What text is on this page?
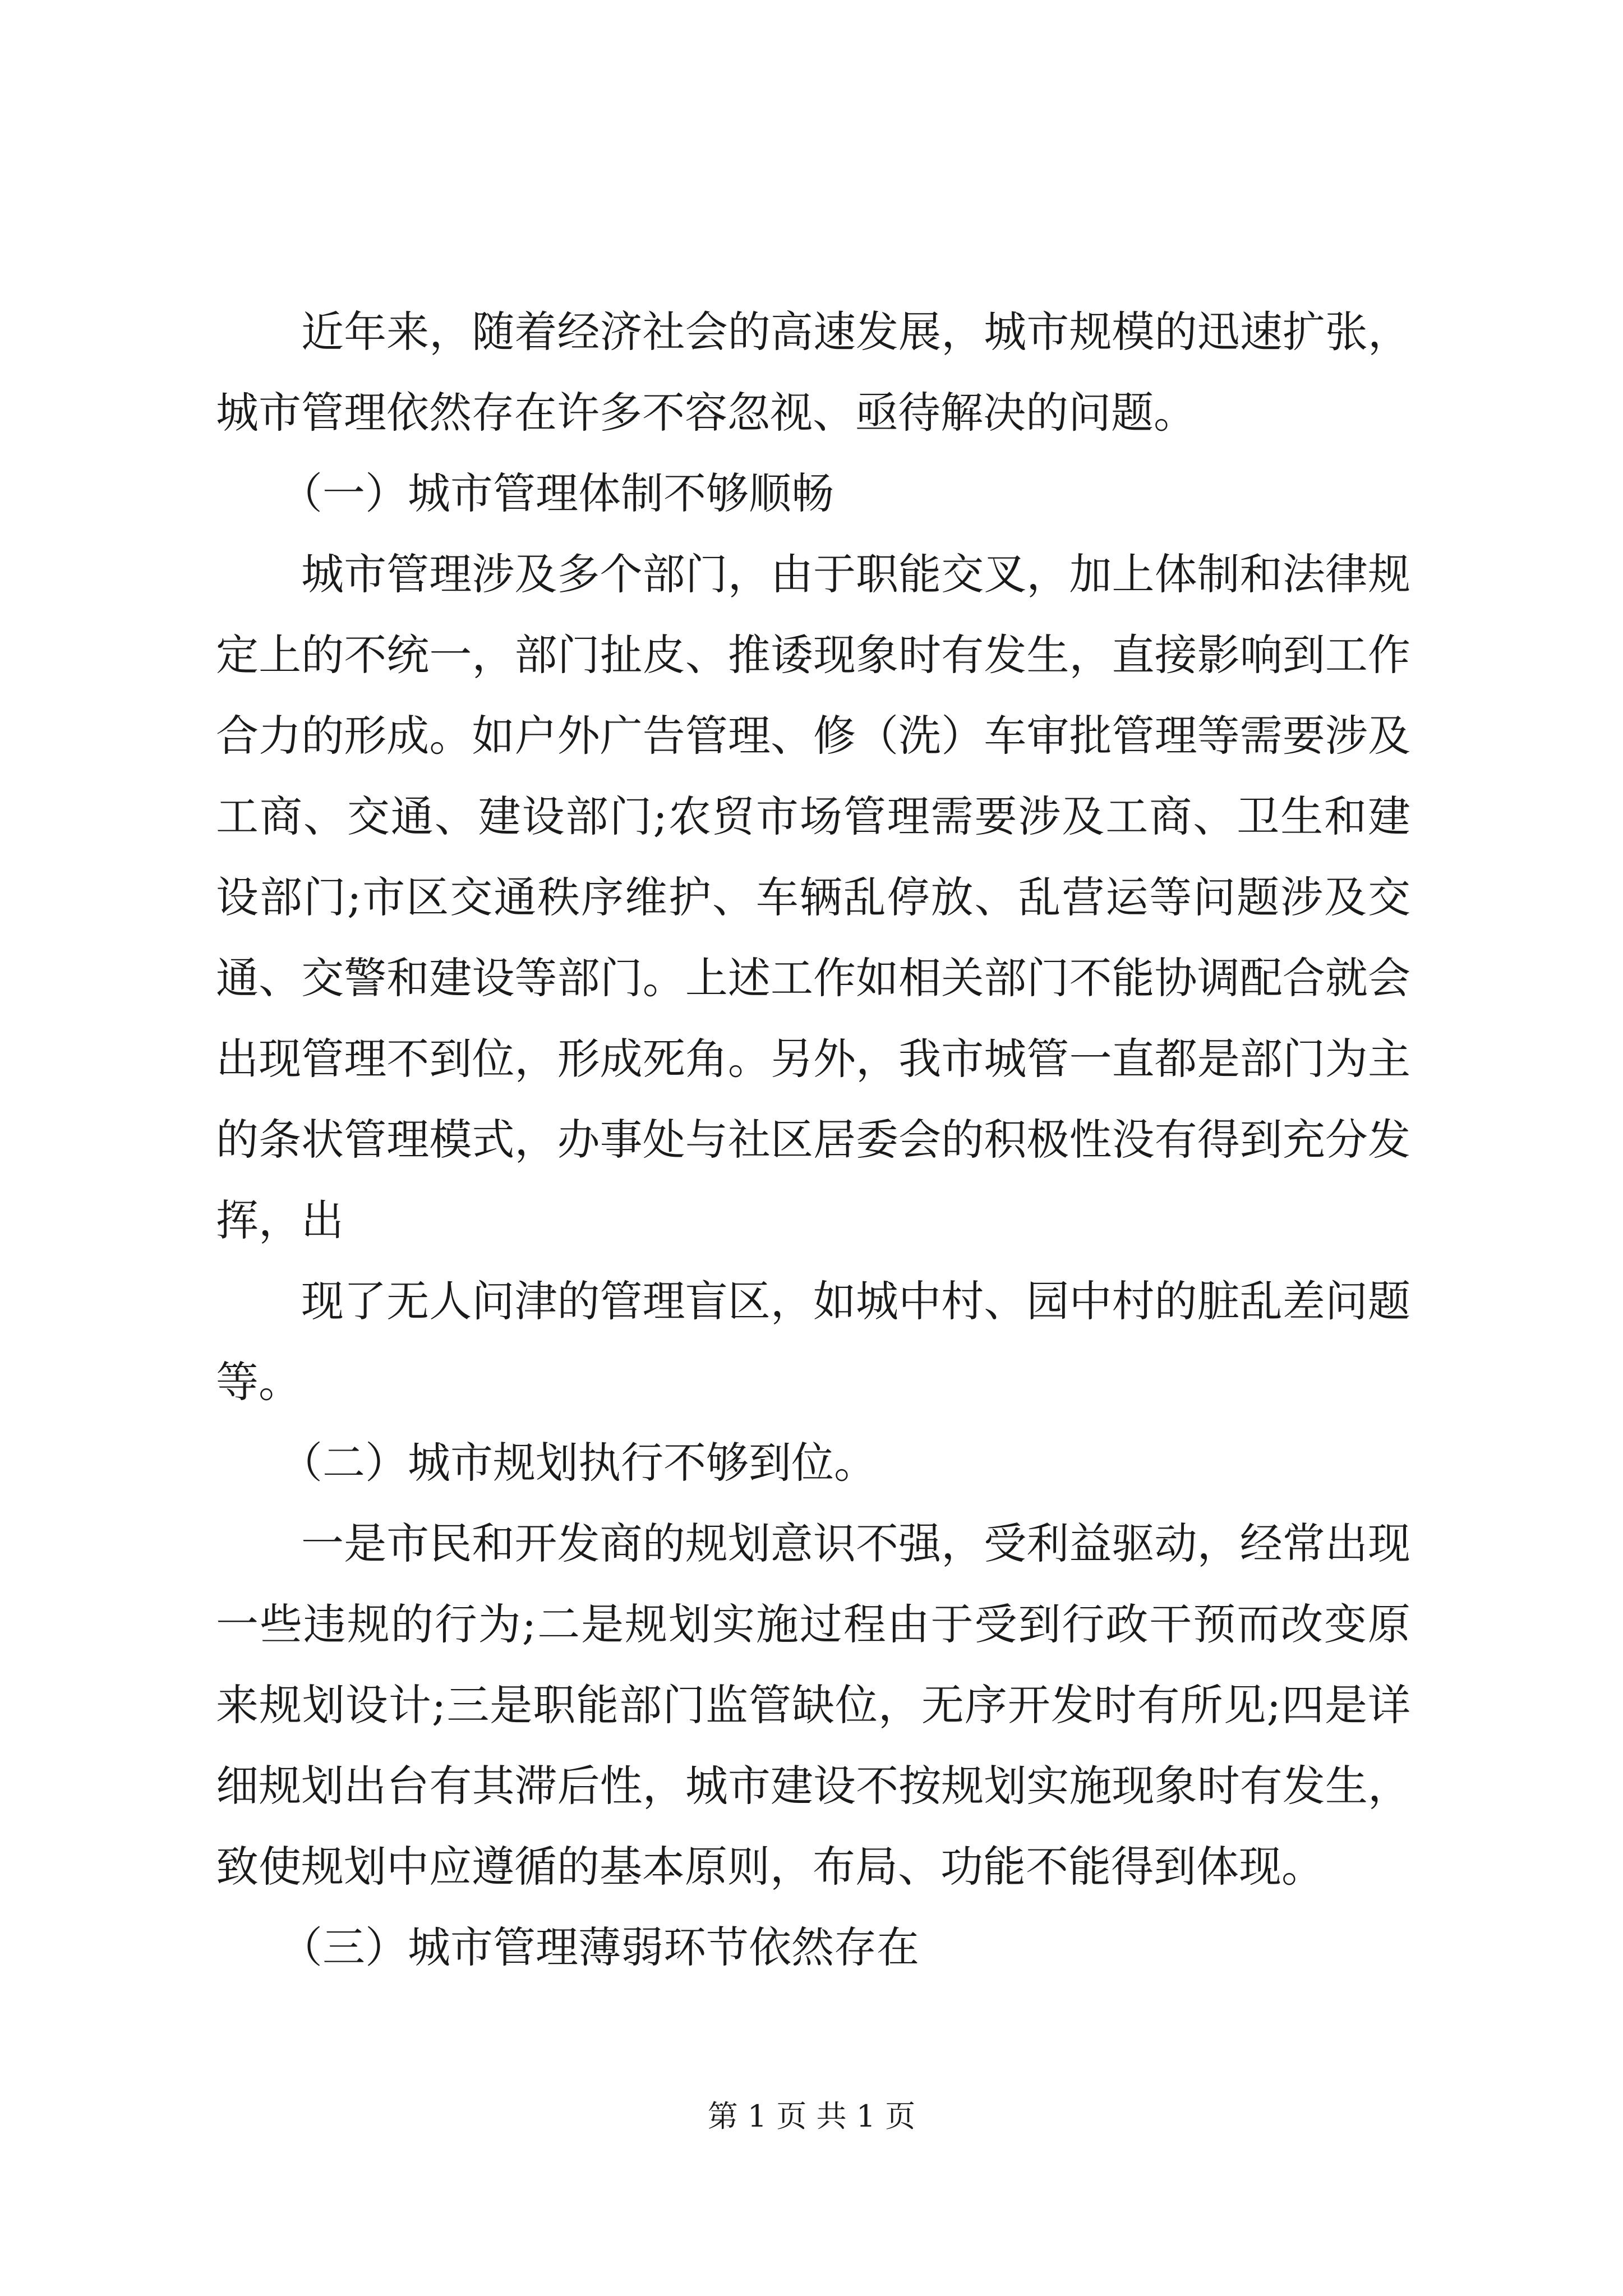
近年来，随着经济社会的高速发展，城市规模的迅速扩张，城市管理依然存在许多不容忽视、亟待解决的问题。

（一）城市管理体制不够顺畅

城市管理涉及多个部门，由于职能交叉，加上体制和法律规定上的不统一，部门扯皮、推诿现象时有发生，直接影响到工作合力的形成。如户外广告管理、修（洗）车审批管理等需要涉及工商、交通、建设部门;农贸市场管理需要涉及工商、卫生和建设部门;市区交通秩序维护、车辆乱停放、乱营运等问题涉及交通、交警和建设等部门。上述工作如相关部门不能协调配合就会出现管理不到位，形成死角。另外，我市城管一直都是部门为主的条状管理模式，办事处与社区居委会的积极性没有得到充分发挥，出

现了无人问津的管理盲区，如城中村、园中村的脏乱差问题等。

（二）城市规划执行不够到位。

一是市民和开发商的规划意识不强，受利益驱动，经常出现一些违规的行为;二是规划实施过程由于受到行政干预而改变原来规划设计;三是职能部门监管缺位，无序开发时有所见;四是详细规划出台有其滞后性，城市建设不按规划实施现象时有发生，致使规划中应遵循的基本原则，布局、功能不能得到体现。

（三）城市管理薄弱环节依然存在

第 1 页 共 1 页
